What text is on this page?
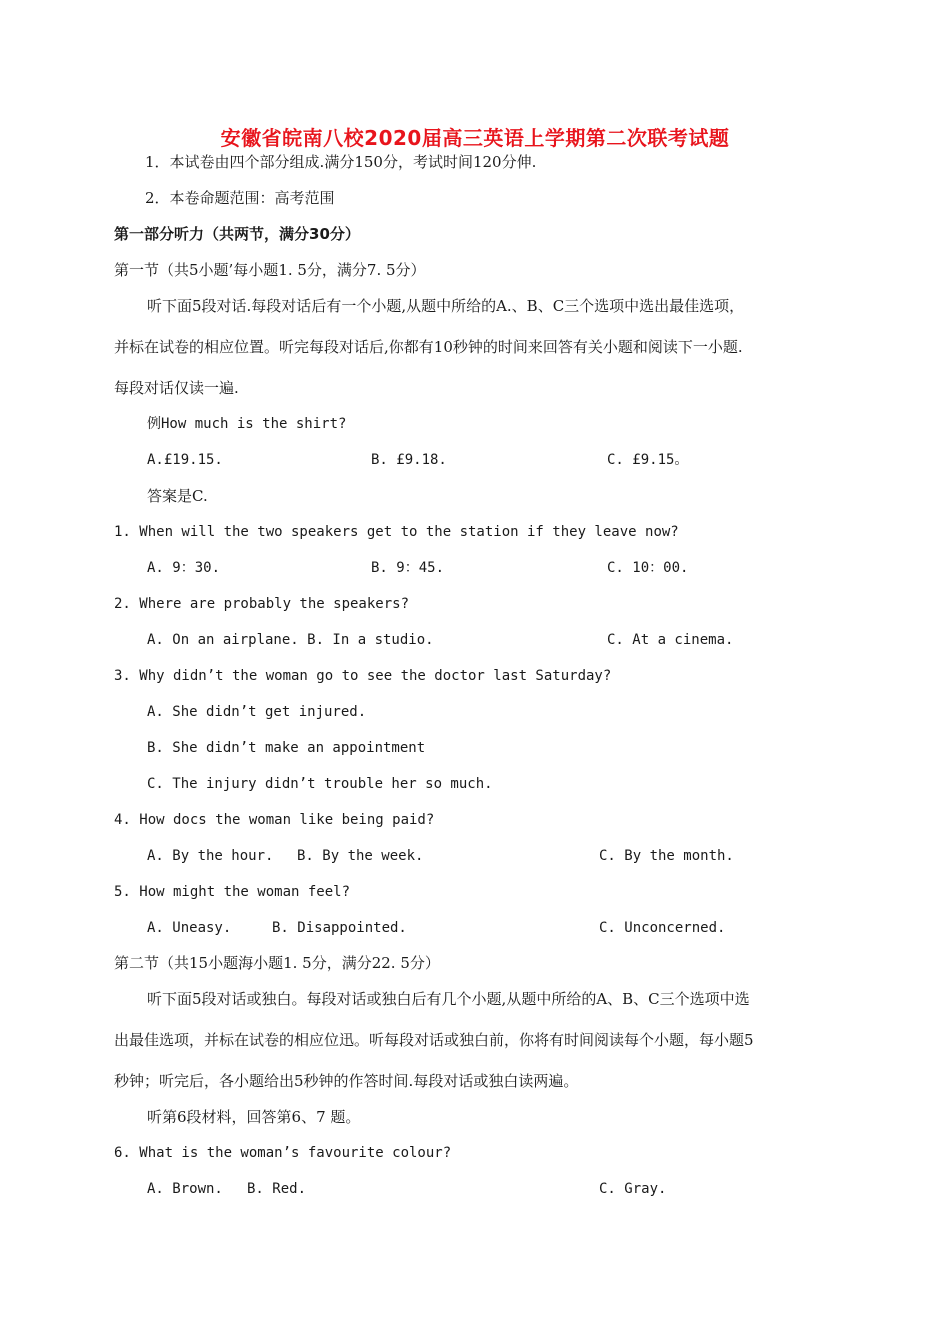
安徽省皖南八校2020届高三英语上学期第二次联考试题
1．本试卷由四个部分组成.满分150分，考试时间120分伸.
2．本卷命题范围：高考范围
第一部分听力（共两节，满分30分）
第一节（共5小题’每小题1. 5分，满分7. 5分）
听下面5段对话.每段对话后有一个小题,从题中所给的A.、B、C三个选项中选出最佳选项，
并标在试卷的相应位置。听完每段对话后,你都有10秒钟的时间来回答有关小题和阅读下一小题.
每段对话仅读一遍.
例How much is the shirt?
A.£19.15.	B. £9.18.	C. £9.15。
答案是C.
1. When will the two speakers get to the station if they leave now?
A. 9：30.	B. 9：45.	C. 10：00.
2. Where are probably the speakers?
A. On an airplane. B. In a studio.	C. At a cinema.
3. Why didn’t the woman go to see the doctor last Saturday?
A. She didn’t get injured.
B. She didn’t make an appointment
C. The injury didn’t trouble her so much.
4. How docs the woman like being paid?
A. By the hour. B. By the week.	C. By the month.
5. How might the woman feel?
A. Uneasy.	B. Disappointed.	C. Unconcerned.
第二节（共15小题海小题1. 5分，满分22. 5分）
听下面5段对话或独白。每段对话或独白后有几个小题,从题中所给的A、B、C三个选项中选
出最佳选项，并标在试卷的相应位迅。听每段对话或独白前，你将有时间阅读每个小题，每小题5
秒钟；听完后，各小题给出5秒钟的作答时间.每段对话或独白读两遍。
听第6段材料，回答第6、7 题。
6. What is the woman’s favourite colour?
A. Brown. B. Red.	C. Gray.
